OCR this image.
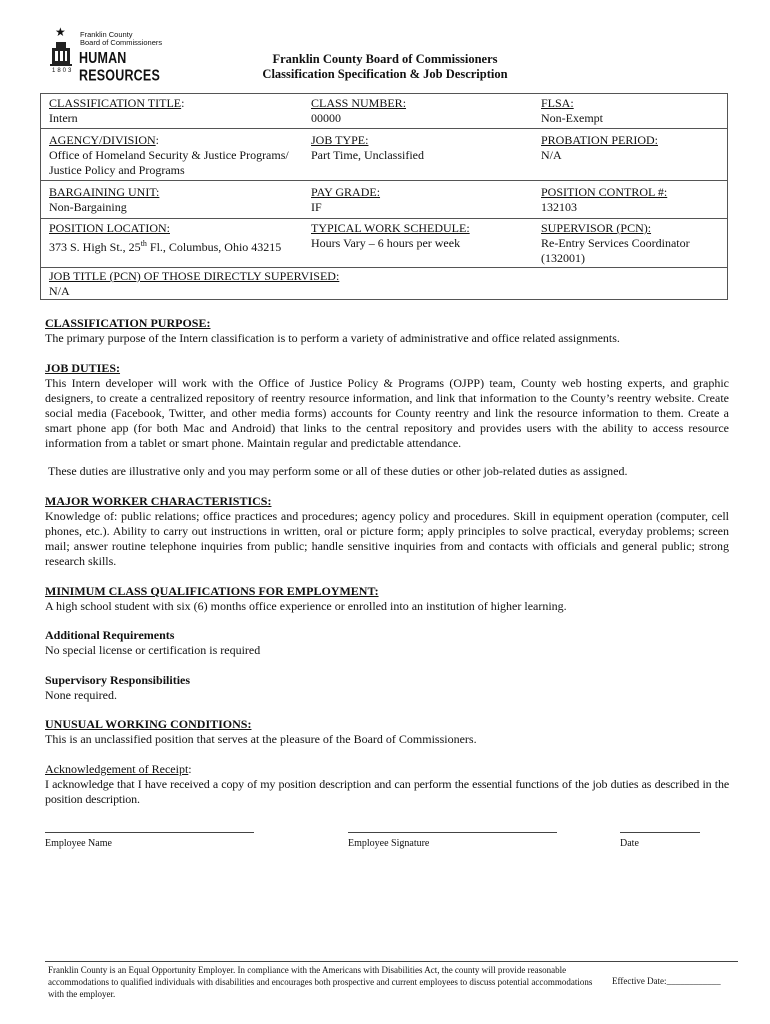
★
1803
Franklin County
Board of Commissioners
HUMAN RESOURCES
Franklin County Board of Commissioners
Classification Specification & Job Description
CLASSIFICATION TITLE:
Intern
CLASS NUMBER:
00000
FLSA:
Non-Exempt
AGENCY/DIVISION:
Office of Homeland Security & Justice Programs/
Justice Policy and Programs
JOB TYPE:
Part Time, Unclassified
PROBATION PERIOD:
N/A
BARGAINING UNIT:
Non-Bargaining
PAY GRADE:
IF
POSITION CONTROL #:
132103
POSITION LOCATION:
373 S. High St., 25th Fl., Columbus, Ohio 43215
TYPICAL WORK SCHEDULE:
Hours Vary – 6 hours per week
SUPERVISOR (PCN):
Re-Entry Services Coordinator
(132001)
JOB TITLE (PCN) OF THOSE DIRECTLY SUPERVISED:
N/A
CLASSIFICATION PURPOSE:
The primary purpose of the Intern classification is to perform a variety of administrative and office related assignments.
JOB DUTIES:
This Intern developer will work with the Office of Justice Policy & Programs (OJPP) team, County web hosting experts, and graphic designers, to create a centralized repository of reentry resource information, and link that information to the County’s reentry website. Create social media (Facebook, Twitter, and other media forms) accounts for County reentry and link the resource information to them. Create a smart phone app (for both Mac and Android) that links to the central repository and provides users with the ability to access resource information from a tablet or smart phone. Maintain regular and predictable attendance.
These duties are illustrative only and you may perform some or all of these duties or other job-related duties as assigned.
MAJOR WORKER CHARACTERISTICS:
Knowledge of: public relations; office practices and procedures; agency policy and procedures. Skill in equipment operation (computer, cell phones, etc.). Ability to carry out instructions in written, oral or picture form; apply principles to solve practical, everyday problems; screen mail; answer routine telephone inquiries from public; handle sensitive inquiries from and contacts with officials and general public; strong research skills.
MINIMUM CLASS QUALIFICATIONS FOR EMPLOYMENT:
A high school student with six (6) months office experience or enrolled into an institution of higher learning.
Additional Requirements
No special license or certification is required
Supervisory Responsibilities
None required.
UNUSUAL WORKING CONDITIONS:
This is an unclassified position that serves at the pleasure of the Board of Commissioners.
Acknowledgement of Receipt:
I acknowledge that I have received a copy of my position description and can perform the essential functions of the job duties as described in the position description.
Employee Name	Employee Signature	Date
Franklin County is an Equal Opportunity Employer. In compliance with the Americans with Disabilities Act, the county will provide reasonable accommodations to qualified individuals with disabilities and encourages both prospective and current employees to discuss potential accommodations with the employer.
Effective Date:____________
